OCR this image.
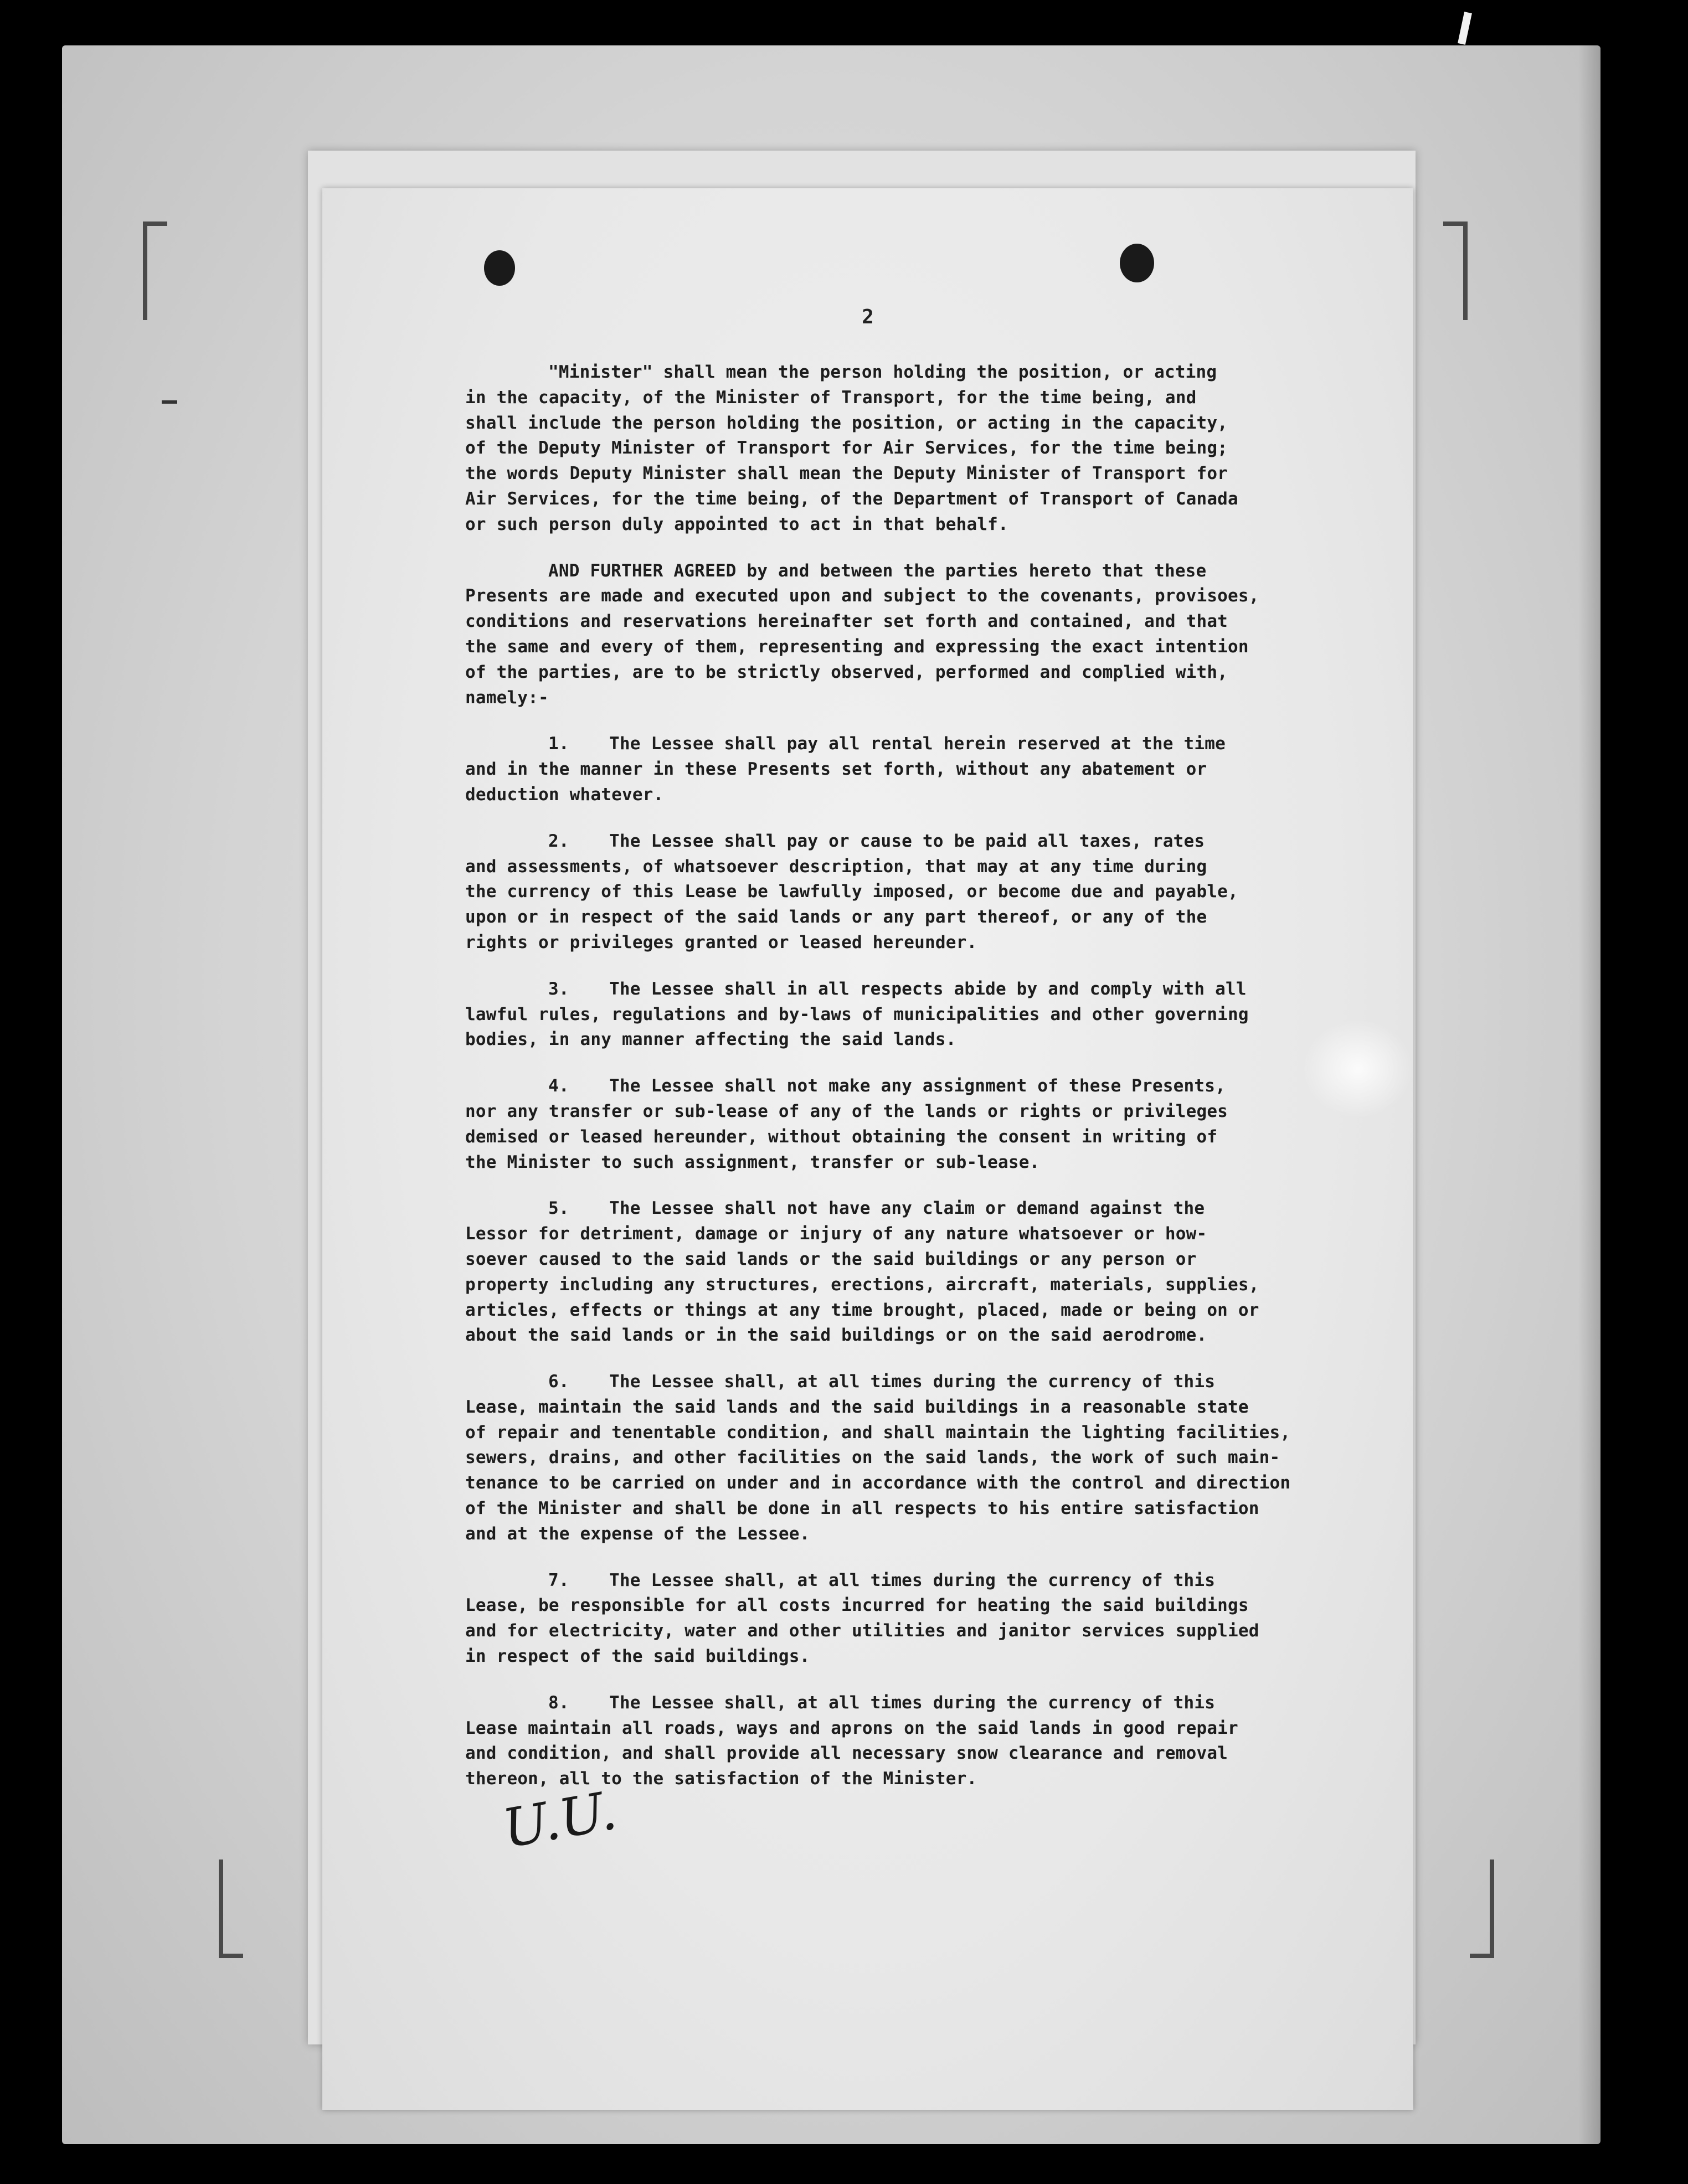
2
"Minister" shall mean the person holding the position, or acting
in the capacity, of the Minister of Transport, for the time being, and
shall include the person holding the position, or acting in the capacity,
of the Deputy Minister of Transport for Air Services, for the time being;
the words Deputy Minister shall mean the Deputy Minister of Transport for
Air Services, for the time being, of the Department of Transport of Canada
or such person duly appointed to act in that behalf.
AND FURTHER AGREED by and between the parties hereto that these
Presents are made and executed upon and subject to the covenants, provisoes,
conditions and reservations hereinafter set forth and contained, and that
the same and every of them, representing and expressing the exact intention
of the parties, are to be strictly observed, performed and complied with,
namely:-
1. The Lessee shall pay all rental herein reserved at the time
and in the manner in these Presents set forth, without any abatement or
deduction whatever.
2. The Lessee shall pay or cause to be paid all taxes, rates
and assessments, of whatsoever description, that may at any time during
the currency of this Lease be lawfully imposed, or become due and payable,
upon or in respect of the said lands or any part thereof, or any of the
rights or privileges granted or leased hereunder.
3. The Lessee shall in all respects abide by and comply with all
lawful rules, regulations and by-laws of municipalities and other governing
bodies, in any manner affecting the said lands.
4. The Lessee shall not make any assignment of these Presents,
nor any transfer or sub-lease of any of the lands or rights or privileges
demised or leased hereunder, without obtaining the consent in writing of
the Minister to such assignment, transfer or sub-lease.
5. The Lessee shall not have any claim or demand against the
Lessor for detriment, damage or injury of any nature whatsoever or how-
soever caused to the said lands or the said buildings or any person or
property including any structures, erections, aircraft, materials, supplies,
articles, effects or things at any time brought, placed, made or being on or
about the said lands or in the said buildings or on the said aerodrome.
6. The Lessee shall, at all times during the currency of this
Lease, maintain the said lands and the said buildings in a reasonable state
of repair and tenentable condition, and shall maintain the lighting facilities,
sewers, drains, and other facilities on the said lands, the work of such main-
tenance to be carried on under and in accordance with the control and direction
of the Minister and shall be done in all respects to his entire satisfaction
and at the expense of the Lessee.
7. The Lessee shall, at all times during the currency of this
Lease, be responsible for all costs incurred for heating the said buildings
and for electricity, water and other utilities and janitor services supplied
in respect of the said buildings.
8. The Lessee shall, at all times during the currency of this
Lease maintain all roads, ways and aprons on the said lands in good repair
and condition, and shall provide all necessary snow clearance and removal
thereon, all to the satisfaction of the Minister.
U.U.
